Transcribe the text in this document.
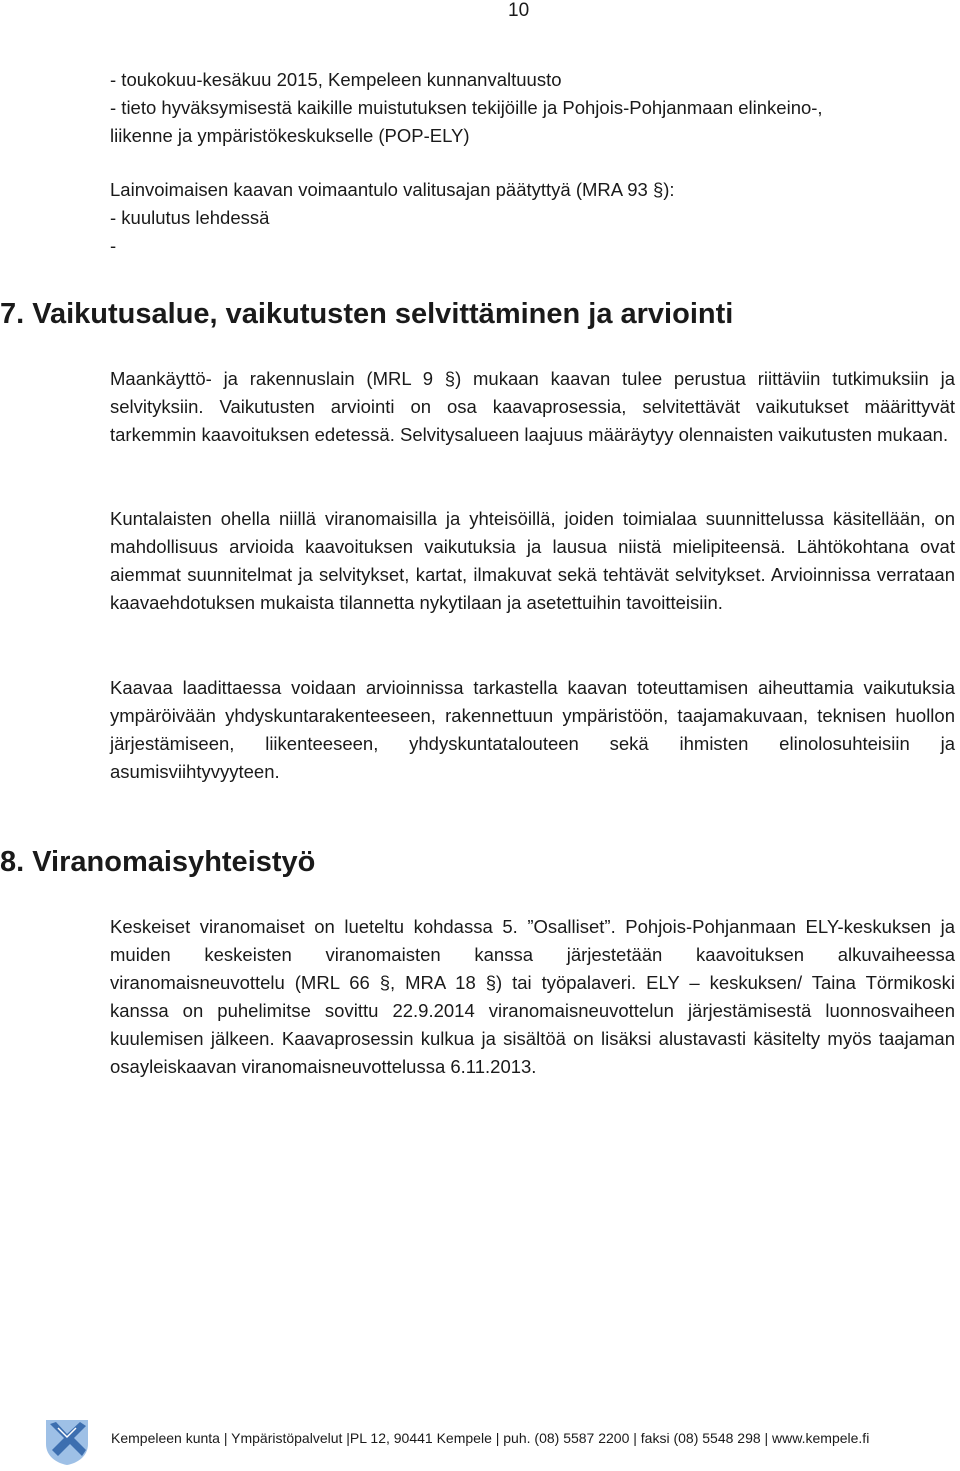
10

- toukokuu-kesäkuu 2015, Kempeleen kunnanvaltuusto

- tieto hyväksymisestä kaikille muistutuksen tekijöille ja Pohjois-Pohjanmaan elinkeino-,

liikenne ja ympäristökeskukselle (POP-ELY)

Lainvoimaisen kaavan voimaantulo valitusajan päätyttyä (MRA 93 §):

- kuulutus lehdessä

-

7. Vaikutusalue, vaikutusten selvittäminen ja arviointi

Maankäyttö- ja rakennuslain (MRL 9 §) mukaan kaavan tulee perustua riittäviin tutkimuksiin ja selvityksiin. Vaikutusten arviointi on osa kaavaprosessia, selvitettävät vaikutukset määrittyvät tarkemmin kaavoituksen edetessä. Selvitysalueen laajuus määräytyy olennaisten vaikutusten mukaan.

Kuntalaisten ohella niillä viranomaisilla ja yhteisöillä, joiden toimialaa suunnittelussa käsitellään, on mahdollisuus arvioida kaavoituksen vaikutuksia ja lausua niistä mielipiteensä. Lähtökohtana ovat aiemmat suunnitelmat ja selvitykset, kartat, ilmakuvat sekä tehtävät selvitykset. Arvioinnissa verrataan kaavaehdotuksen mukaista tilannetta nykytilaan ja asetettuihin tavoitteisiin.

Kaavaa laadittaessa voidaan arvioinnissa tarkastella kaavan toteuttamisen aiheuttamia vaikutuksia ympäröivään yhdyskuntarakenteeseen, rakennettuun ympäristöön, taajamakuvaan, teknisen huollon järjestämiseen, liikenteeseen, yhdyskuntatalouteen sekä ihmisten elinolosuhteisiin ja asumisviihtyvyyteen.

8. Viranomaisyhteistyö

Keskeiset viranomaiset on lueteltu kohdassa 5. ”Osalliset”. Pohjois-Pohjanmaan ELY-keskuksen ja muiden keskeisten viranomaisten kanssa järjestetään kaavoituksen alkuvaiheessa viranomaisneuvottelu (MRL 66 §, MRA 18 §) tai työpalaveri. ELY – keskuksen/ Taina Törmikoski kanssa on puhelimitse sovittu 22.9.2014 viranomaisneuvottelun järjestämisestä luonnosvaiheen kuulemisen jälkeen. Kaavaprosessin kulkua ja sisältöä on lisäksi alustavasti käsitelty myös taajaman osayleiskaavan viranomaisneuvottelussa 6.11.2013.

Kempeleen kunta | Ympäristöpalvelut |PL 12, 90441 Kempele | puh. (08) 5587 2200 | faksi (08) 5548 298 | www.kempele.fi
